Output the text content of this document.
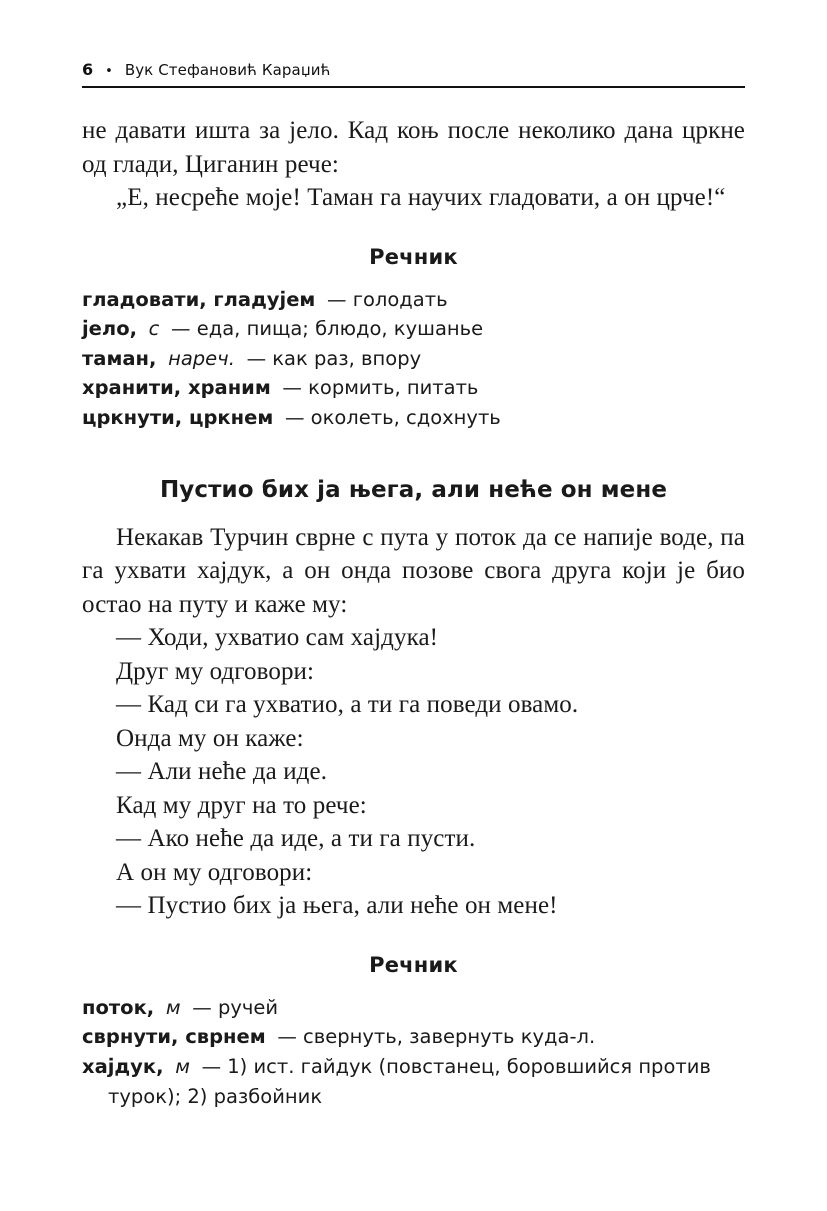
6 • Вук Стефановић Караџић

не давати ишта за јело. Кад коњ после неколико дана цркне од глади, Циганин рече:

„Е, несреће моје! Таман га научих гладовати, а он црче!“

Речник
гладовати, гладујем — голодать
јело, с — еда, пища; блюдо, кушанье
таман, нареч. — как раз, впору
хранити, храним — кормить, питать
цркнути, цркнем — околеть, сдохнуть
Пустио бих ја њега, али неће он мене

Некакав Турчин сврне с пута у поток да се напије воде, па га ухвати хајдук, а он онда позове свога друга који је био остао на путу и каже му:

— Ходи, ухватио сам хајдука!

Друг му одговори:

— Кад си га ухватио, а ти га поведи овамо.

Онда му он каже:

— Али неће да иде.

Кад му друг на то рече:

— Ако неће да иде, а ти га пусти.

А он му одговори:

— Пустио бих ја њега, али неће он мене!

Речник
поток, м — ручей
сврнути, сврнем — свернуть, завернуть куда-л.
хајдук, м — 1) ист. гайдук (повстанец, боровшийся против турок); 2) разбойник
